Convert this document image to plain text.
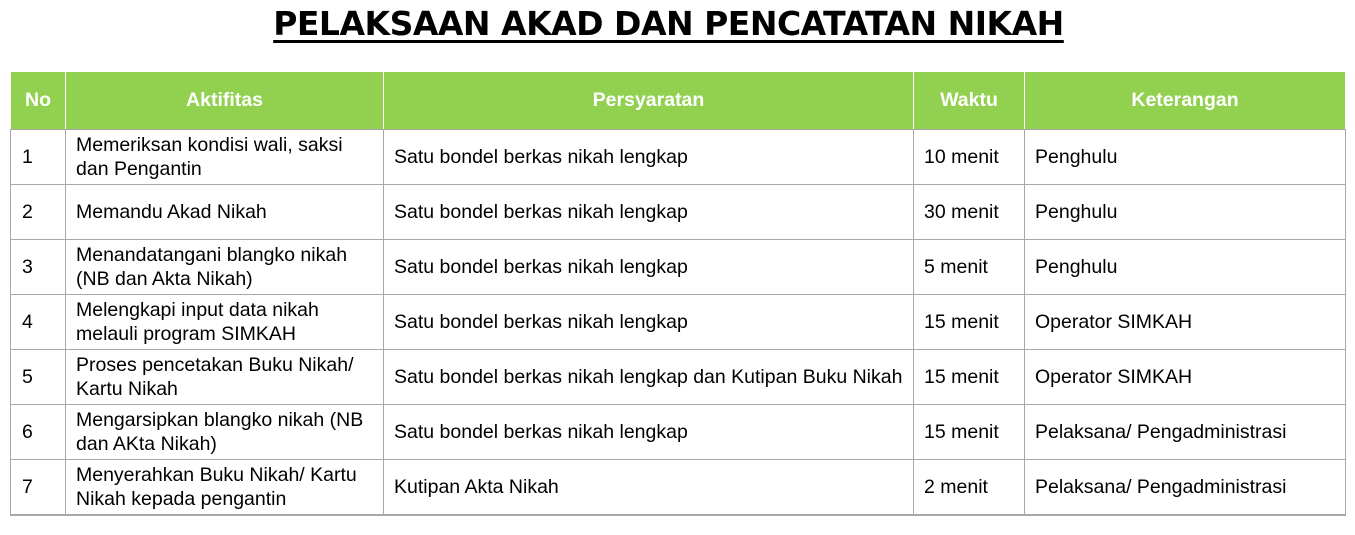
PELAKSAAN AKAD DAN PENCATATAN NIKAH
No	Aktifitas	Persyaratan	Waktu	Keterangan
1	Memeriksan kondisi wali, saksi dan Pengantin	Satu bondel berkas nikah lengkap	10 menit	Penghulu
2	Memandu Akad Nikah	Satu bondel berkas nikah lengkap	30 menit	Penghulu
3	Menandatangani blangko nikah (NB dan Akta Nikah)	Satu bondel berkas nikah lengkap	5 menit	Penghulu
4	Melengkapi input data nikah melauli program SIMKAH	Satu bondel berkas nikah lengkap	15 menit	Operator SIMKAH
5	Proses pencetakan Buku Nikah/ Kartu Nikah	Satu bondel berkas nikah lengkap dan Kutipan Buku Nikah	15 menit	Operator SIMKAH
6	Mengarsipkan blangko nikah (NB dan AKta Nikah)	Satu bondel berkas nikah lengkap	15 menit	Pelaksana/ Pengadministrasi
7	Menyerahkan Buku Nikah/ Kartu Nikah kepada pengantin	Kutipan Akta Nikah	2 menit	Pelaksana/ Pengadministrasi
